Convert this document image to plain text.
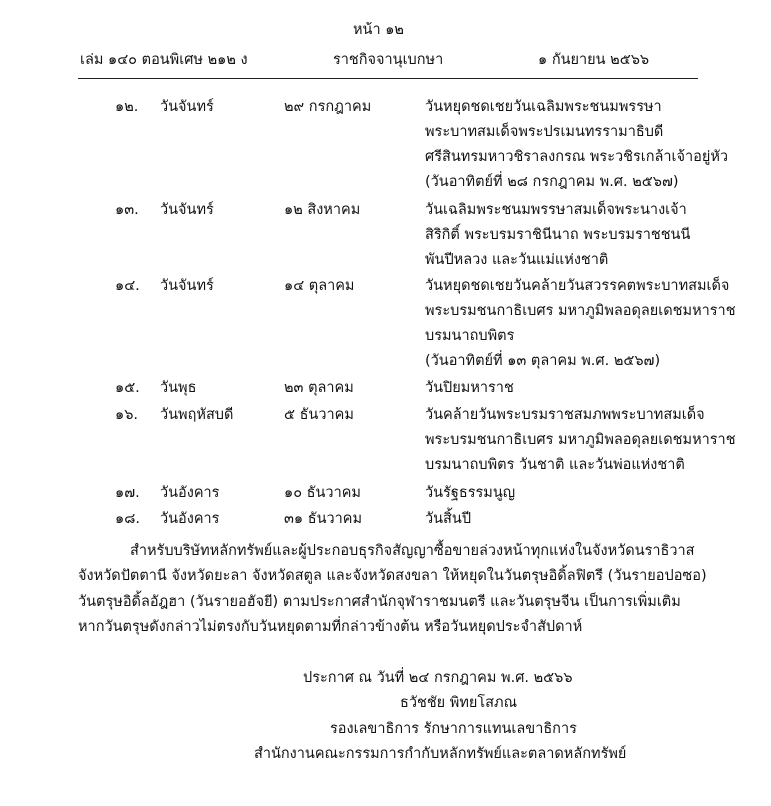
หน้า ๑๒
เล่ม ๑๔๐ ตอนพิเศษ ๒๑๒ ง	ราชกิจจานุเบกษา	๑ กันยายน ๒๕๖๖
๑๒. วันจันทร์	๒๙ กรกฎาคม	วันหยุดชดเชยวันเฉลิมพระชนมพรรษา
พระบาทสมเด็จพระปรเมนทรรามาธิบดี
ศรีสินทรมหาวชิราลงกรณ พระวชิรเกล้าเจ้าอยู่หัว
(วันอาทิตย์ที่ ๒๘ กรกฎาคม พ.ศ. ๒๕๖๗)
๑๓. วันจันทร์	๑๒ สิงหาคม	วันเฉลิมพระชนมพรรษาสมเด็จพระนางเจ้า
สิริกิติ์ พระบรมราชินีนาถ พระบรมราชชนนี
พันปีหลวง และวันแม่แห่งชาติ
๑๔. วันจันทร์	๑๔ ตุลาคม	วันหยุดชดเชยวันคล้ายวันสวรรคตพระบาทสมเด็จ
พระบรมชนกาธิเบศร มหาภูมิพลอดุลยเดชมหาราช
บรมนาถบพิตร
(วันอาทิตย์ที่ ๑๓ ตุลาคม พ.ศ. ๒๕๖๗)
๑๕. วันพุธ	๒๓ ตุลาคม	วันปิยมหาราช
๑๖. วันพฤหัสบดี	๕ ธันวาคม	วันคล้ายวันพระบรมราชสมภพพระบาทสมเด็จ
พระบรมชนกาธิเบศร มหาภูมิพลอดุลยเดชมหาราช
บรมนาถบพิตร วันชาติ และวันพ่อแห่งชาติ
๑๗. วันอังคาร	๑๐ ธันวาคม	วันรัฐธรรมนูญ
๑๘. วันอังคาร	๓๑ ธันวาคม	วันสิ้นปี
สำหรับบริษัทหลักทรัพย์และผู้ประกอบธุรกิจสัญญาซื้อขายล่วงหน้าทุกแห่งในจังหวัดนราธิวาส
จังหวัดปัตตานี จังหวัดยะลา จังหวัดสตูล และจังหวัดสงขลา ให้หยุดในวันตรุษอิดิ้ลฟิตรี (วันรายอปอซอ)
วันตรุษอิดิ้ลอัฎฮา (วันรายอฮัจยี) ตามประกาศสำนักจุฬาราชมนตรี และวันตรุษจีน เป็นการเพิ่มเติม
หากวันตรุษดังกล่าวไม่ตรงกับวันหยุดตามที่กล่าวข้างต้น หรือวันหยุดประจำสัปดาห์
ประกาศ ณ วันที่ ๒๔ กรกฎาคม พ.ศ. ๒๕๖๖
ธวัชชัย พิทยโสภณ
รองเลขาธิการ รักษาการแทนเลขาธิการ
สำนักงานคณะกรรมการกำกับหลักทรัพย์และตลาดหลักทรัพย์
